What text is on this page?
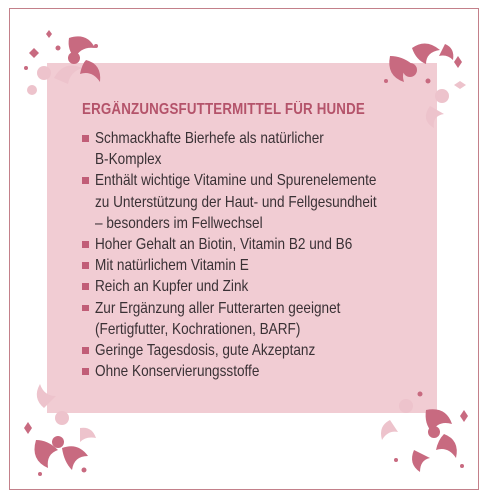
ERGÄNZUNGSFUTTERMITTEL FÜR HUNDE
Schmackhafte Bierhefe als natürlicher
B-Komplex
Enthält wichtige Vitamine und Spurenelemente
zu Unterstützung der Haut- und Fellgesundheit
– besonders im Fellwechsel
Hoher Gehalt an Biotin, Vitamin B2 und B6
Mit natürlichem Vitamin E
Reich an Kupfer und Zink
Zur Ergänzung aller Futterarten geeignet
(Fertigfutter, Kochrationen, BARF)
Geringe Tagesdosis, gute Akzeptanz
Ohne Konservierungsstoffe
